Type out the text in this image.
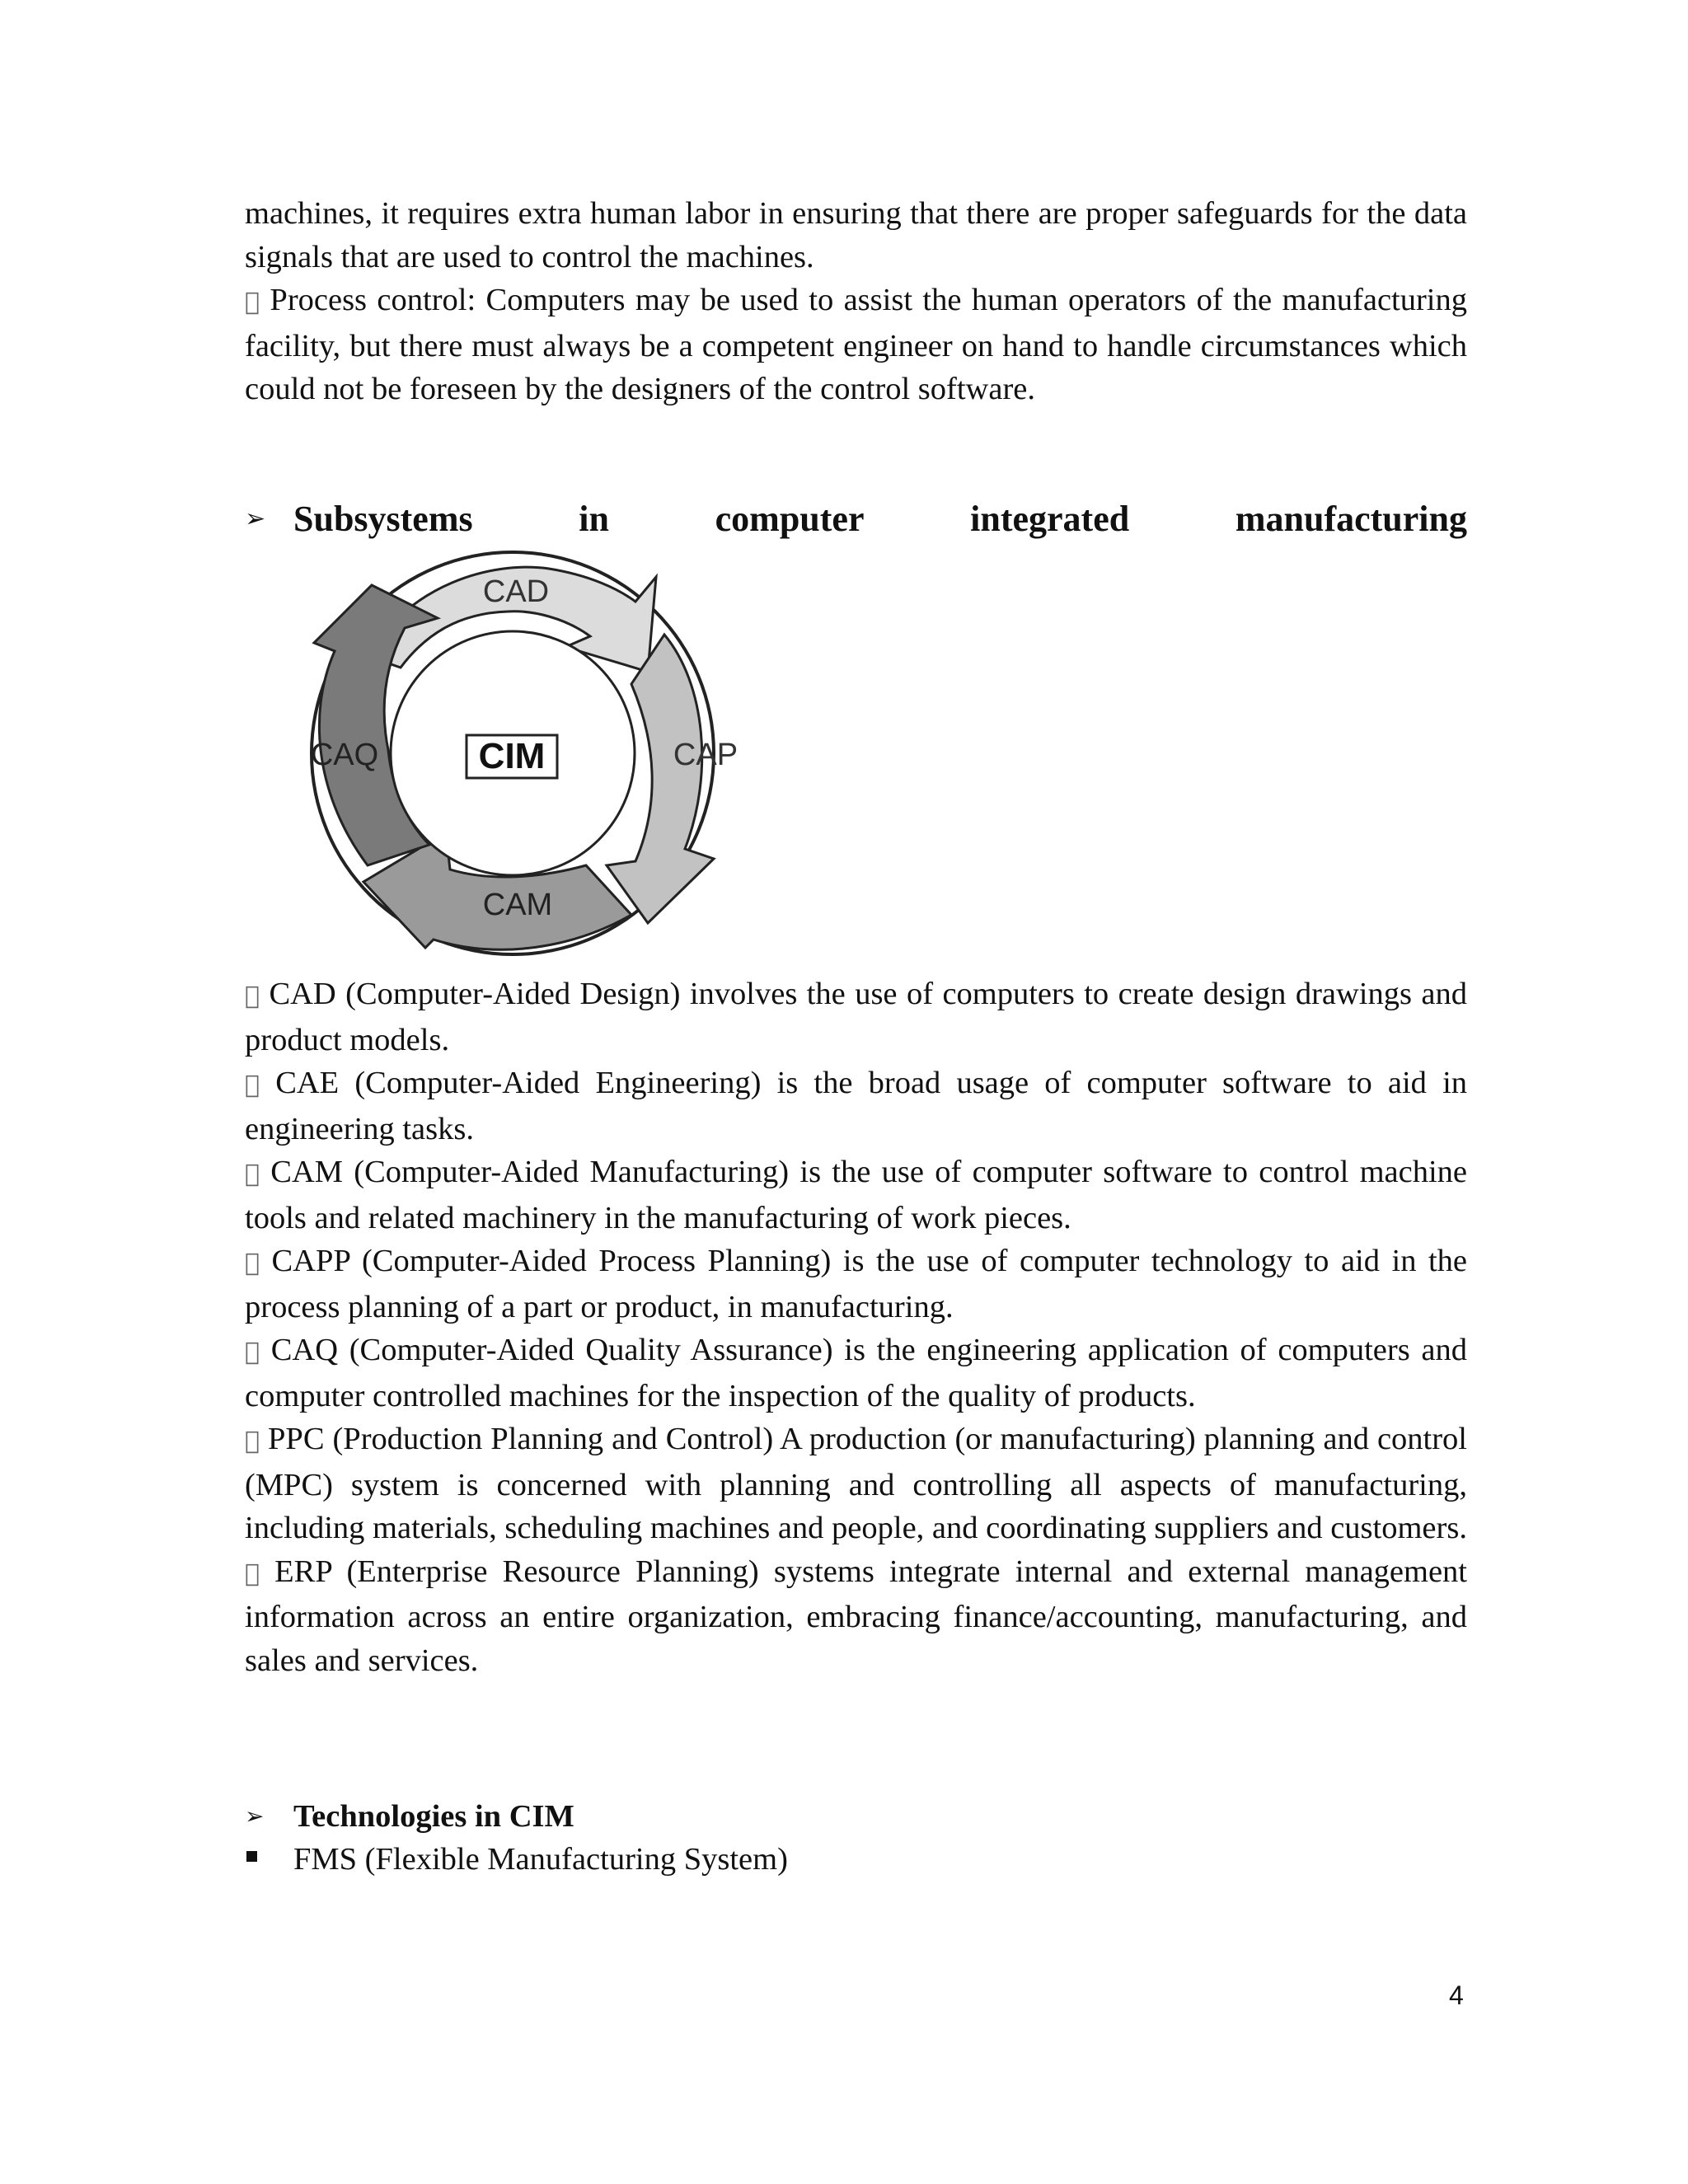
machines, it requires extra human labor in ensuring that there are proper safeguards for the data signals that are used to control the machines.

Process control: Computers may be used to assist the human operators of the manufacturing facility, but there must always be a competent engineer on hand to handle circumstances which could not be foreseen by the designers of the control software.

➢ Subsystems	in	computer	integrated	manufacturing
CIM
CAD
CAP
CAM
CAQ

CAD (Computer-Aided Design) involves the use of computers to create design drawings and product models.

CAE (Computer-Aided Engineering) is the broad usage of computer software to aid in engineering tasks.

CAM (Computer-Aided Manufacturing) is the use of computer software to control machine tools and related machinery in the manufacturing of work pieces.

CAPP (Computer-Aided Process Planning) is the use of computer technology to aid in the process planning of a part or product, in manufacturing.

CAQ (Computer-Aided Quality Assurance) is the engineering application of computers and computer controlled machines for the inspection of the quality of products.

PPC (Production Planning and Control) A production (or manufacturing) planning and control (MPC) system is concerned with planning and controlling all aspects of manufacturing, including materials, scheduling machines and people, and coordinating suppliers and customers.

ERP (Enterprise Resource Planning) systems integrate internal and external management information across an entire organization, embracing finance/accounting, manufacturing, and sales and services.

➢ Technologies in CIM
FMS (Flexible Manufacturing System)
4
